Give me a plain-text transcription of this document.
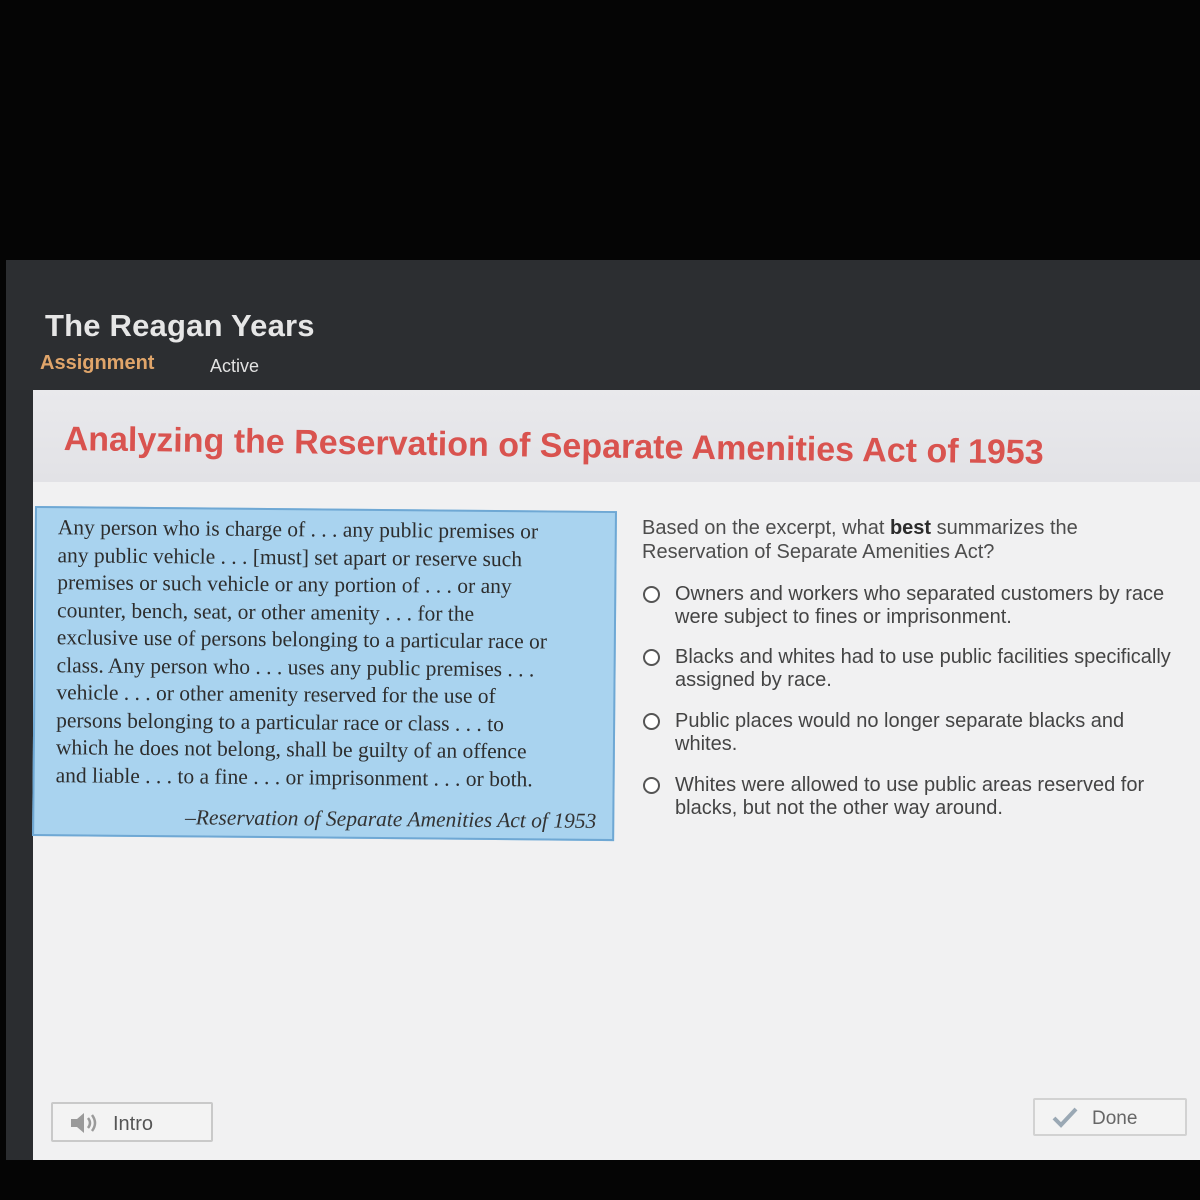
The Reagan Years
Assignment	Active
Analyzing the Reservation of Separate Amenities Act of 1953
Any person who is charge of . . . any public premises or
any public vehicle . . . [must] set apart or reserve such
premises or such vehicle or any portion of . . . or any
counter, bench, seat, or other amenity . . . for the
exclusive use of persons belonging to a particular race or
class. Any person who . . . uses any public premises . . .
vehicle . . . or other amenity reserved for the use of
persons belonging to a particular race or class . . . to
which he does not belong, shall be guilty of an offence
and liable . . . to a fine . . . or imprisonment . . . or both.
–Reservation of Separate Amenities Act of 1953
Based on the excerpt, what best summarizes the Reservation of Separate Amenities Act?
Owners and workers who separated customers by race were subject to fines or imprisonment.
Blacks and whites had to use public facilities specifically assigned by race.
Public places would no longer separate blacks and whites.
Whites were allowed to use public areas reserved for blacks, but not the other way around.
Intro	Done
